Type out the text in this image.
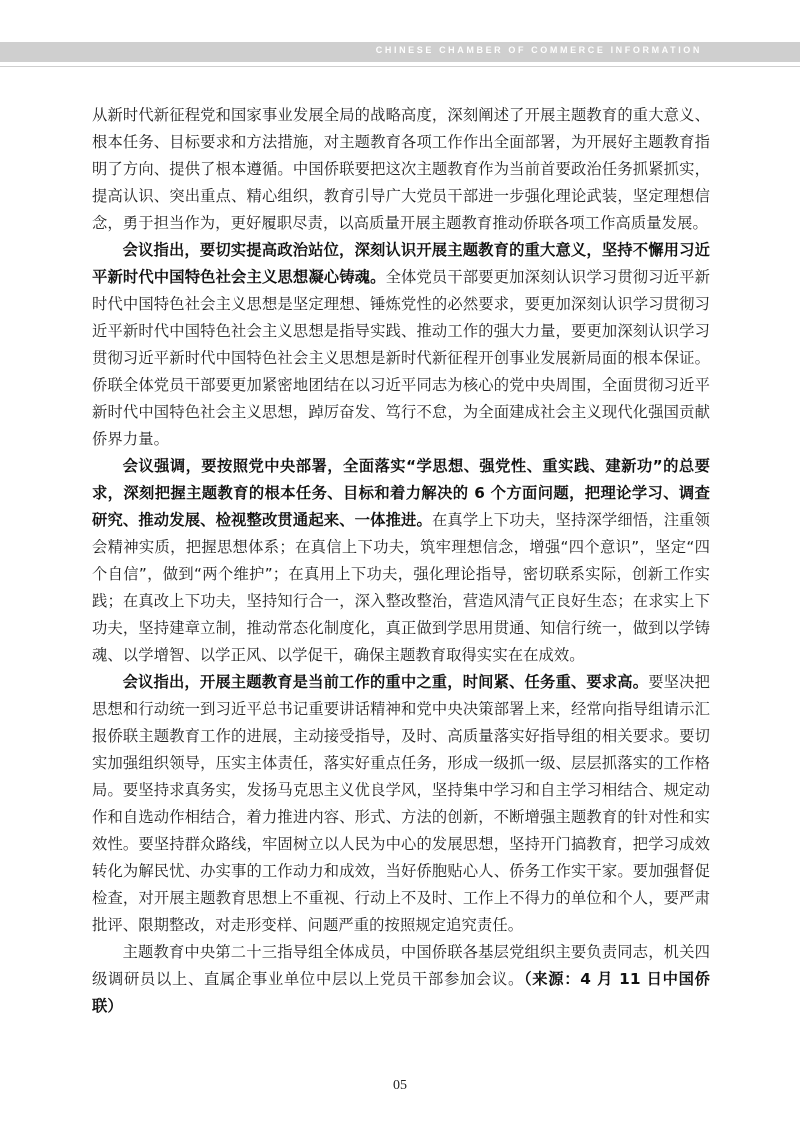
CHINESE CHAMBER OF COMMERCE INFORMATION

从新时代新征程党和国家事业发展全局的战略高度，深刻阐述了开展主题教育的重大意义、根本任务、目标要求和方法措施，对主题教育各项工作作出全面部署，为开展好主题教育指明了方向、提供了根本遵循。中国侨联要把这次主题教育作为当前首要政治任务抓紧抓实，提高认识、突出重点、精心组织，教育引导广大党员干部进一步强化理论武装，坚定理想信念，勇于担当作为，更好履职尽责，以高质量开展主题教育推动侨联各项工作高质量发展。

会议指出，要切实提高政治站位，深刻认识开展主题教育的重大意义，坚持不懈用习近平新时代中国特色社会主义思想凝心铸魂。全体党员干部要更加深刻认识学习贯彻习近平新时代中国特色社会主义思想是坚定理想、锤炼党性的必然要求，要更加深刻认识学习贯彻习近平新时代中国特色社会主义思想是指导实践、推动工作的强大力量，要更加深刻认识学习贯彻习近平新时代中国特色社会主义思想是新时代新征程开创事业发展新局面的根本保证。侨联全体党员干部要更加紧密地团结在以习近平同志为核心的党中央周围，全面贯彻习近平新时代中国特色社会主义思想，踔厉奋发、笃行不怠，为全面建成社会主义现代化强国贡献侨界力量。

会议强调，要按照党中央部署，全面落实“学思想、强党性、重实践、建新功”的总要求，深刻把握主题教育的根本任务、目标和着力解决的 6 个方面问题，把理论学习、调查研究、推动发展、检视整改贯通起来、一体推进。在真学上下功夫，坚持深学细悟，注重领会精神实质，把握思想体系；在真信上下功夫，筑牢理想信念，增强“四个意识”，坚定“四个自信”，做到“两个维护”；在真用上下功夫，强化理论指导，密切联系实际，创新工作实践；在真改上下功夫，坚持知行合一，深入整改整治，营造风清气正良好生态；在求实上下功夫，坚持建章立制，推动常态化制度化，真正做到学思用贯通、知信行统一，做到以学铸魂、以学增智、以学正风、以学促干，确保主题教育取得实实在在成效。

会议指出，开展主题教育是当前工作的重中之重，时间紧、任务重、要求高。要坚决把思想和行动统一到习近平总书记重要讲话精神和党中央决策部署上来，经常向指导组请示汇报侨联主题教育工作的进展，主动接受指导，及时、高质量落实好指导组的相关要求。要切实加强组织领导，压实主体责任，落实好重点任务，形成一级抓一级、层层抓落实的工作格局。要坚持求真务实，发扬马克思主义优良学风，坚持集中学习和自主学习相结合、规定动作和自选动作相结合，着力推进内容、形式、方法的创新，不断增强主题教育的针对性和实效性。要坚持群众路线，牢固树立以人民为中心的发展思想，坚持开门搞教育，把学习成效转化为解民忧、办实事的工作动力和成效，当好侨胞贴心人、侨务工作实干家。要加强督促检查，对开展主题教育思想上不重视、行动上不及时、工作上不得力的单位和个人，要严肃批评、限期整改，对走形变样、问题严重的按照规定追究责任。

主题教育中央第二十三指导组全体成员，中国侨联各基层党组织主要负责同志，机关四级调研员以上、直属企事业单位中层以上党员干部参加会议。（来源：4 月 11 日中国侨联）

05
